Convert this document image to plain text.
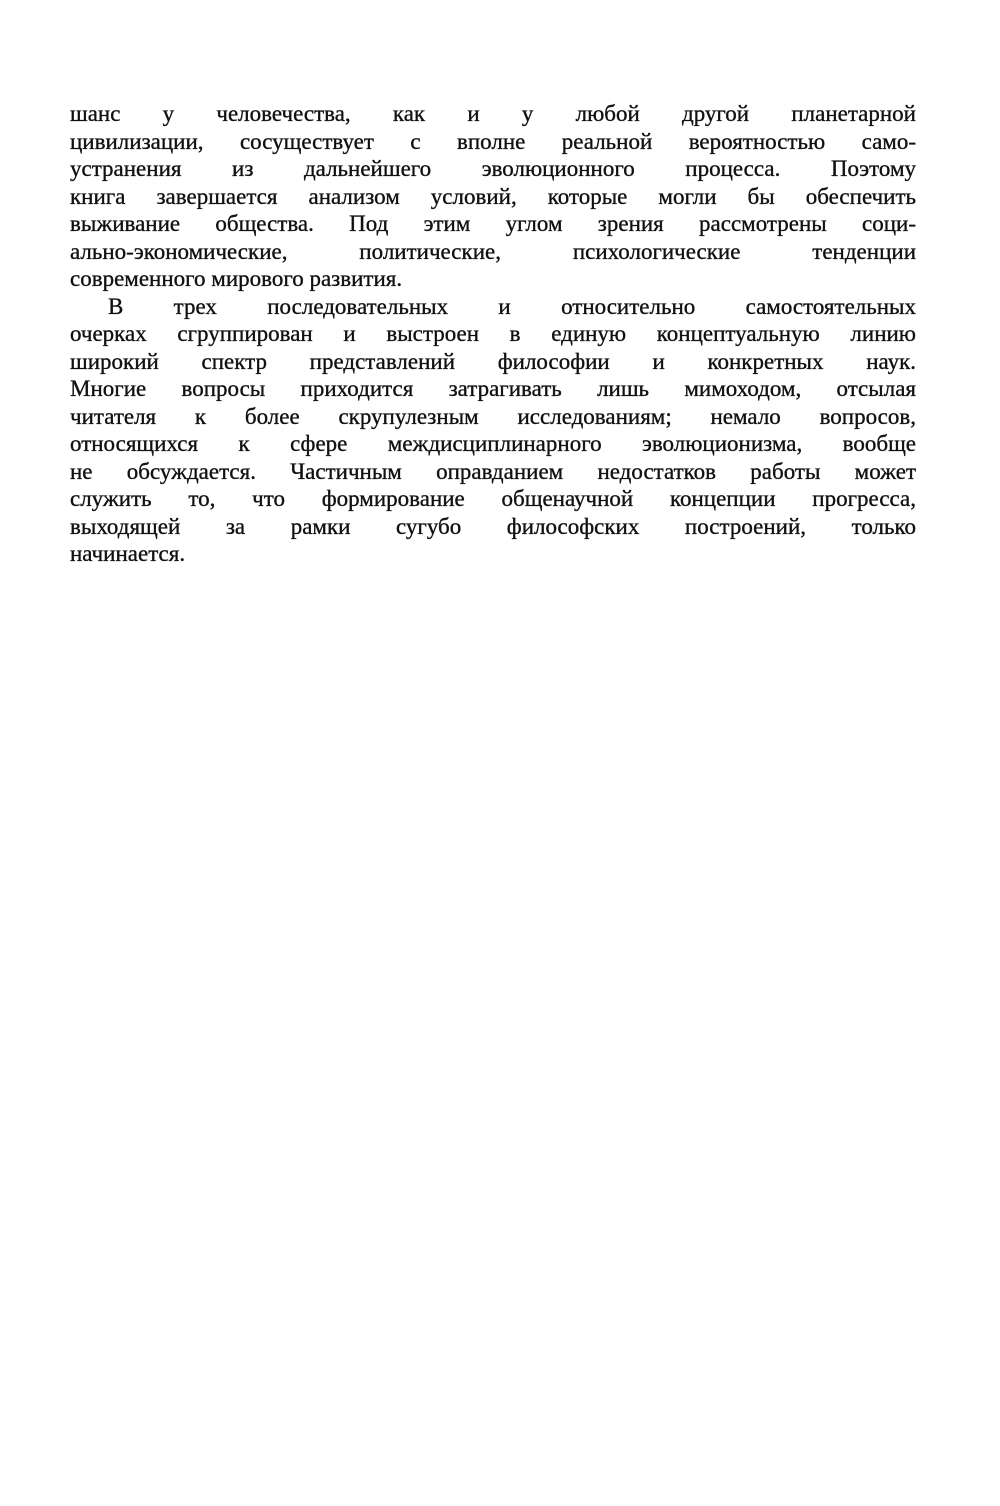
шанс у человечества, как и у любой другой планетарной
цивилизации, сосуществует с вполне реальной вероятностью само-
устранения из дальнейшего эволюционного процесса. Поэтому
книга завершается анализом условий, которые могли бы обеспечить
выживание общества. Под этим углом зрения рассмотрены соци-
ально-экономические, политические, психологические тенденции
современного мирового развития.
В трех последовательных и относительно самостоятельных
очерках сгруппирован и выстроен в единую концептуальную линию
широкий спектр представлений философии и конкретных наук.
Многие вопросы приходится затрагивать лишь мимоходом, отсылая
читателя к более скрупулезным исследованиям; немало вопросов,
относящихся к сфере междисциплинарного эволюционизма, вообще
не обсуждается. Частичным оправданием недостатков работы может
служить то, что формирование общенаучной концепции прогресса,
выходящей за рамки сугубо философских построений, только
начинается.
